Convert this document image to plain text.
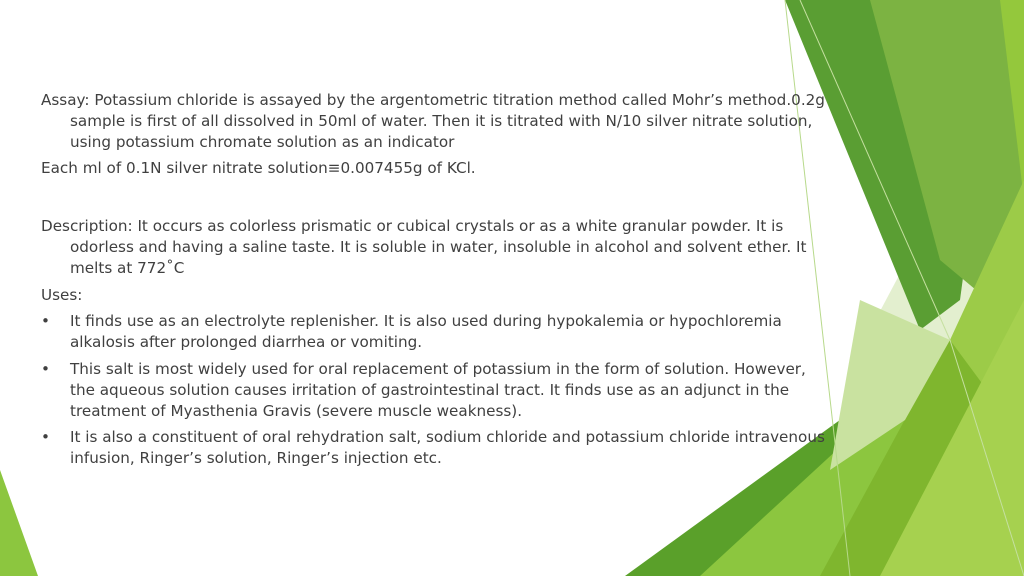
Assay: Potassium chloride is assayed by the argentometric titration method called Mohr’s method.0.2g sample is first of all dissolved in 50ml of water. Then it is titrated with N/10 silver nitrate solution, using potassium chromate solution as an indicator

Each ml of 0.1N silver nitrate solution≡0.007455g of KCl.

Description: It occurs as colorless prismatic or cubical crystals or as a white granular powder. It is odorless and having a saline taste. It is soluble in water, insoluble in alcohol and solvent ether. It melts at 772˚C

Uses:

•	It finds use as an electrolyte replenisher. It is also used during hypokalemia or hypochloremia alkalosis after prolonged diarrhea or vomiting.
•	This salt is most widely used for oral replacement of potassium in the form of solution. However, the aqueous solution causes irritation of gastrointestinal tract. It finds use as an adjunct in the treatment of Myasthenia Gravis (severe muscle weakness).
•	It is also a constituent of oral rehydration salt, sodium chloride and potassium chloride intravenous infusion, Ringer’s solution, Ringer’s injection etc.
